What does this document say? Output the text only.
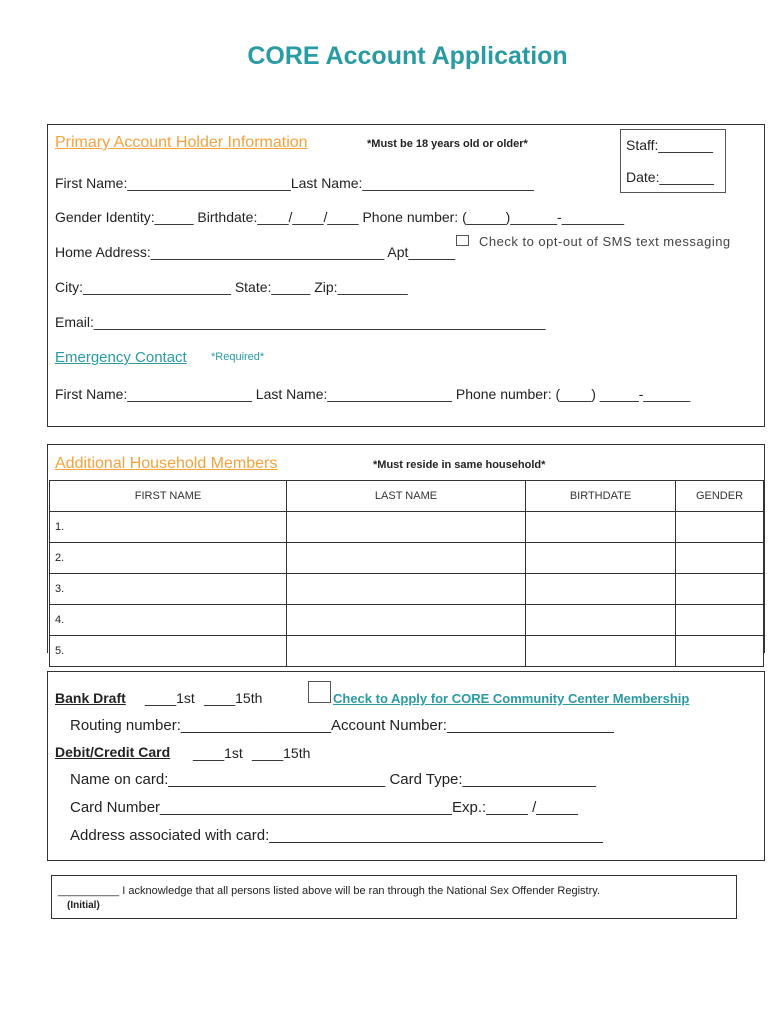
CORE Account Application
Primary Account Holder Information	*Must be 18 years old or older*	Staff:_______
Date:_______
First Name:_____________________Last Name:______________________
Gender Identity:_____ Birthdate:____/____/____ Phone number: (_____)______-________
Home Address:______________________________ Apt______
Check to opt-out of SMS text messaging
City:___________________ State:_____ Zip:_________
Email:__________________________________________________________
Emergency Contact *Required*
First Name:________________ Last Name:________________ Phone number: (____) _____-______
Additional Household Members	*Must reside in same household*
FIRST NAME	LAST NAME	BIRTHDATE	GENDER
1.			
2.			
3.			
4.			
5.			
Bank Draft ____1st ____15th	Check to Apply for CORE Community Center Membership
Routing number:__________________Account Number:____________________
Debit/Credit Card ____1st ____15th
Name on card:__________________________ Card Type:________________
Card Number___________________________________Exp.:_____ /_____
Address associated with card:________________________________________
__________ I acknowledge that all persons listed above will be ran through the National Sex Offender Registry.
(Initial)
